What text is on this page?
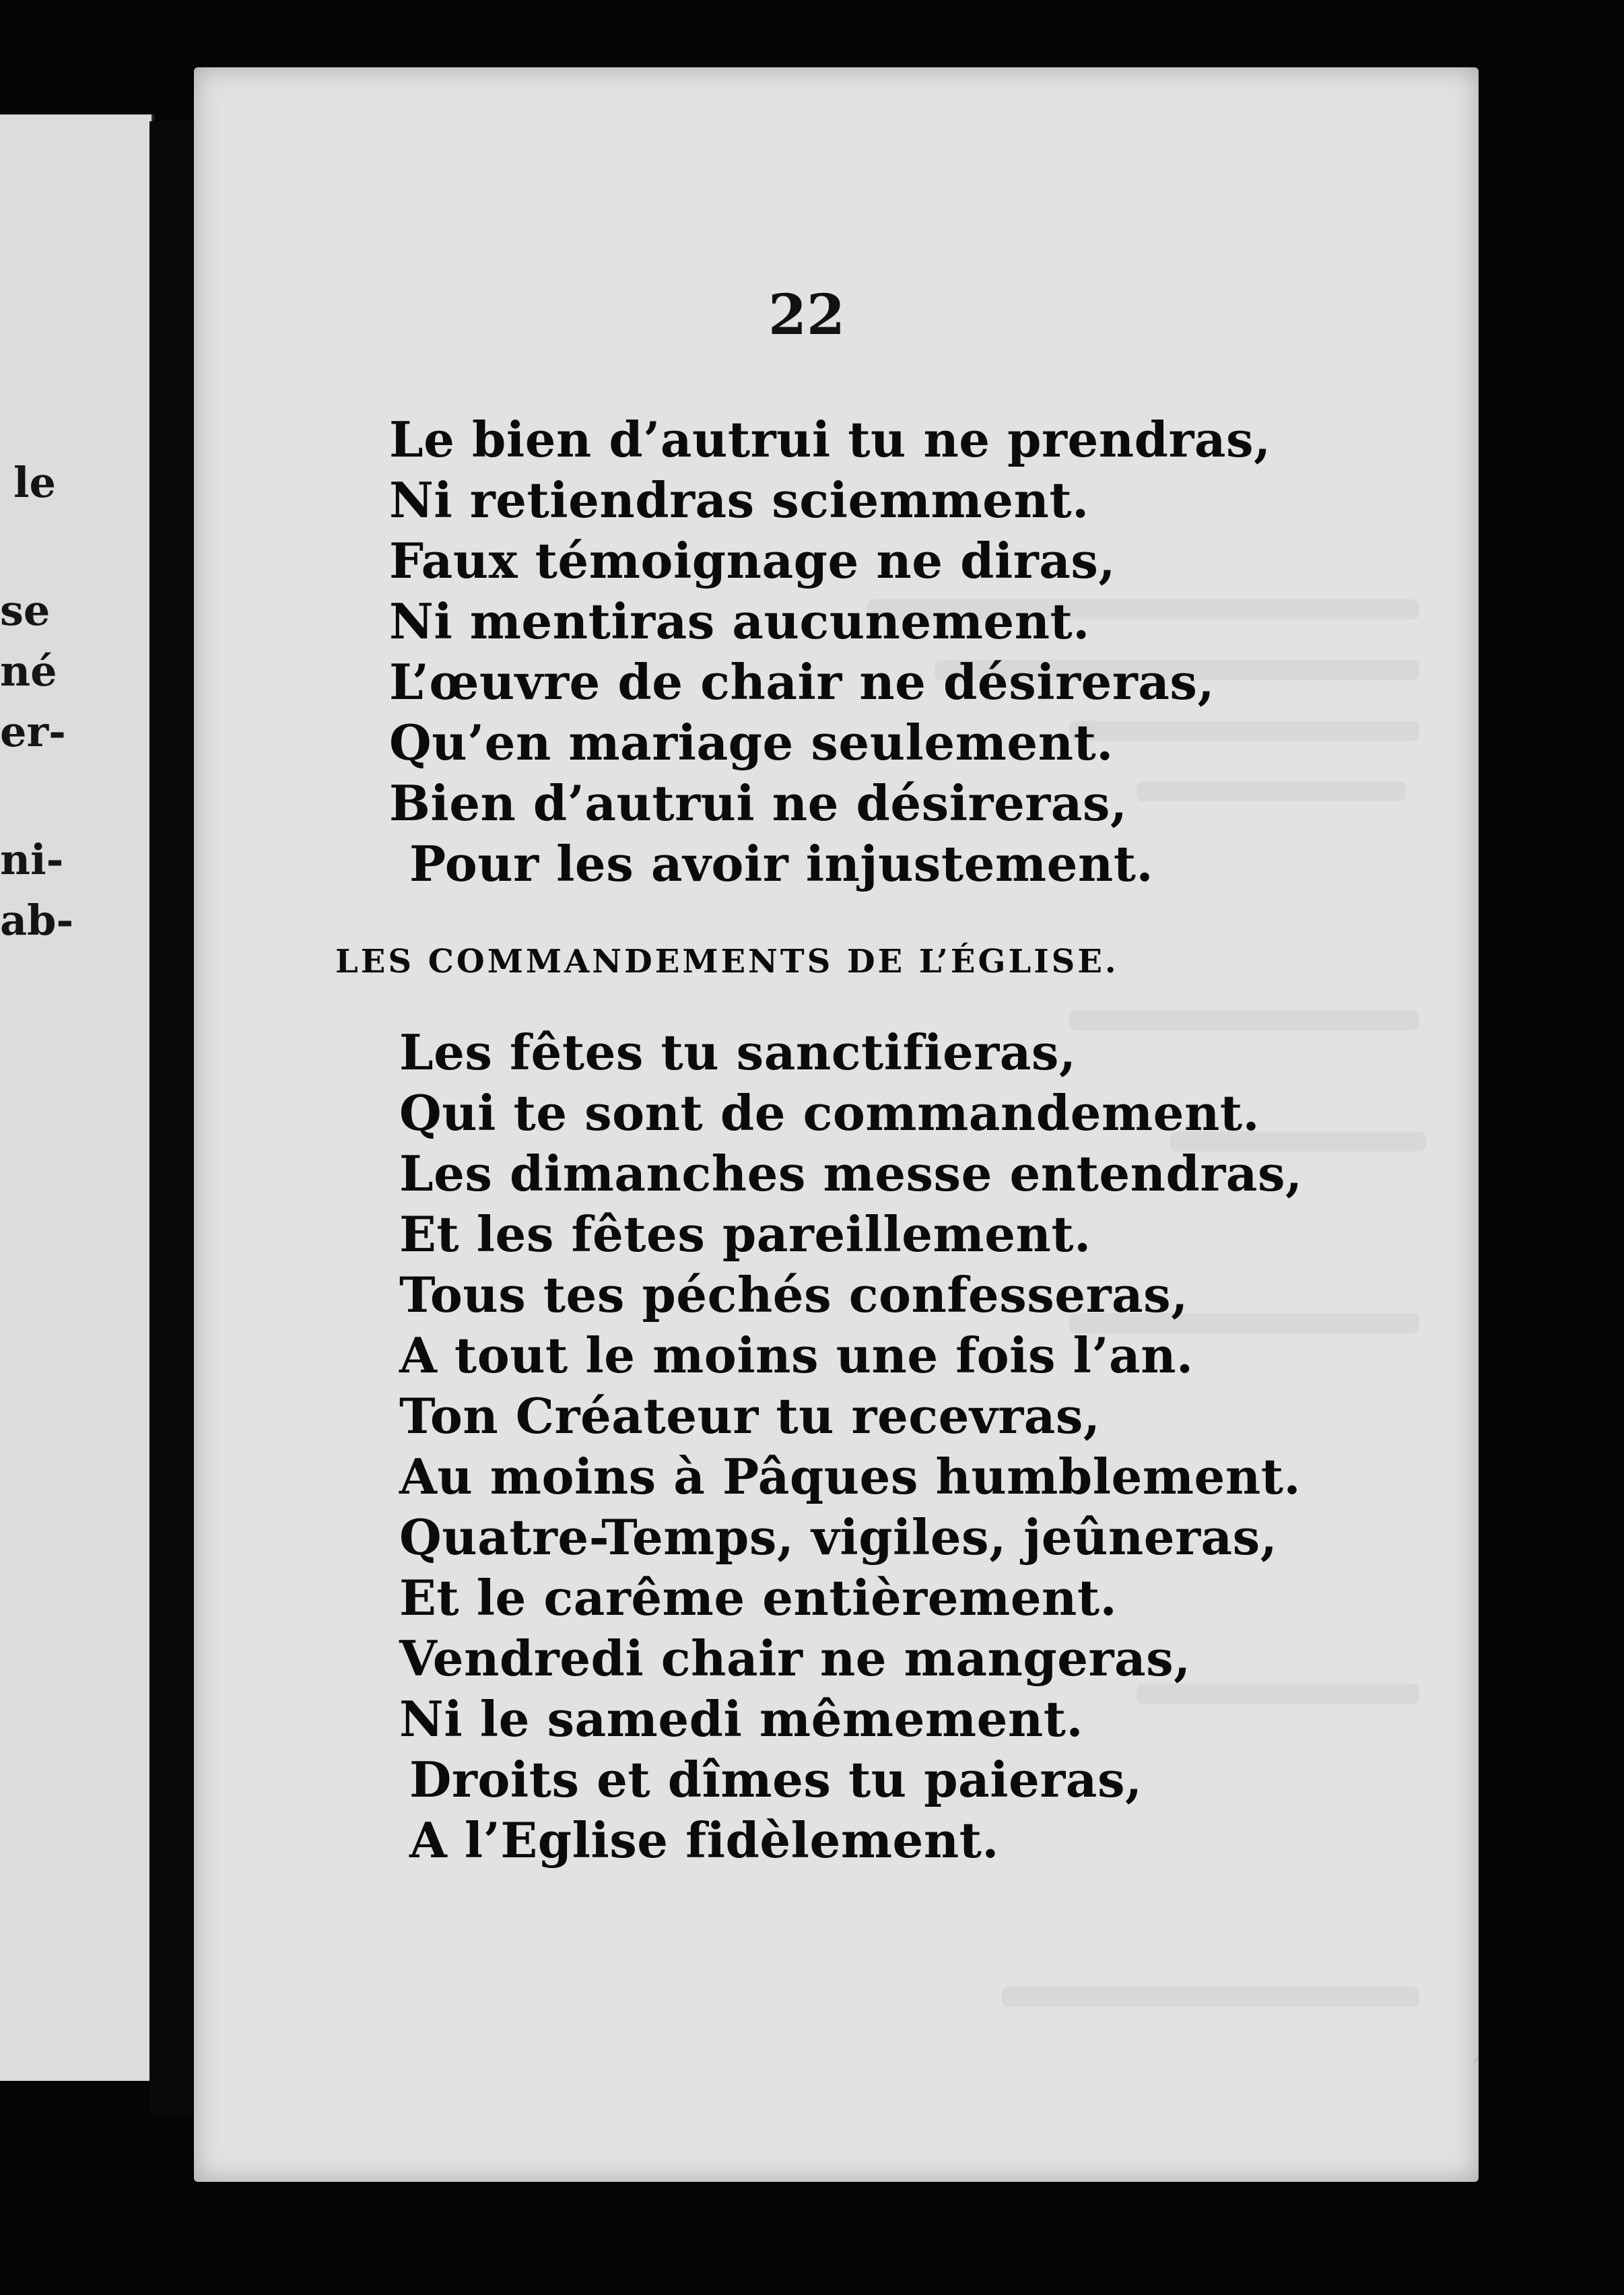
le
se
né
er-
ni-
ab-
22
Le bien d’autrui tu ne prendras,
Ni retiendras sciemment.
Faux témoignage ne diras,
Ni mentiras aucunement.
L’œuvre de chair ne désireras,
Qu’en mariage seulement.
Bien d’autrui ne désireras,
Pour les avoir injustement.
LES COMMANDEMENTS DE L’ÉGLISE.
Les fêtes tu sanctifieras,
Qui te sont de commandement.
Les dimanches messe entendras,
Et les fêtes pareillement.
Tous tes péchés confesseras,
A tout le moins une fois l’an.
Ton Créateur tu recevras,
Au moins à Pâques humblement.
Quatre-Temps, vigiles, jeûneras,
Et le carême entièrement.
Vendredi chair ne mangeras,
Ni le samedi mêmement.
Droits et dîmes tu paieras,
A l’Eglise fidèlement.
